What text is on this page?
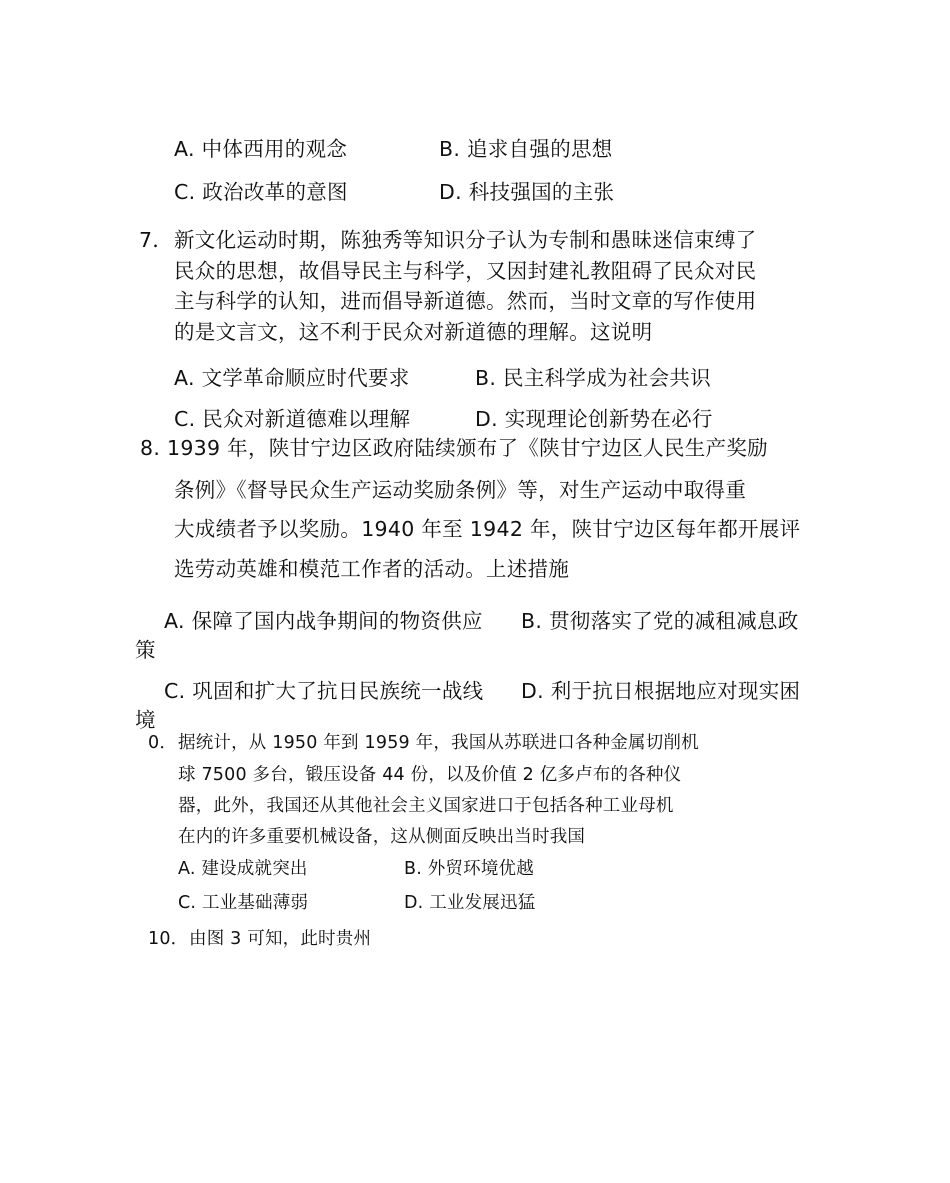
A. 中体西用的观念	B. 追求自强的思想
C. 政治改革的意图	D. 科技强国的主张
7． 新文化运动时期，陈独秀等知识分子认为专制和愚昧迷信束缚了
民众的思想，故倡导民主与科学，又因封建礼教阻碍了民众对民
主与科学的认知，进而倡导新道德。然而，当时文章的写作使用
的是文言文，这不利于民众对新道德的理解。这说明
A. 文学革命顺应时代要求	B. 民主科学成为社会共识
C. 民众对新道德难以理解	D. 实现理论创新势在必行
8. 1939 年，陕甘宁边区政府陆续颁布了《陕甘宁边区人民生产奖励
条例》《督导民众生产运动奖励条例》等，对生产运动中取得重
大成绩者予以奖励。1940 年至 1942 年，陕甘宁边区每年都开展评
选劳动英雄和模范工作者的活动。上述措施
A. 保障了国内战争期间的物资供应 B. 贯彻落实了党的减租减息政
策
C. 巩固和扩大了抗日民族统一战线 D. 利于抗日根据地应对现实困
境
0． 据统计，从 1950 年到 1959 年，我国从苏联进口各种金属切削机
球 7500 多台，锻压设备 44 份，以及价值 2 亿多卢布的各种仪
器，此外，我国还从其他社会主义国家进口于包括各种工业母机
在内的许多重要机械设备，这从侧面反映出当时我国
A. 建设成就突出	B. 外贸环境优越
C. 工业基础薄弱	D. 工业发展迅猛
10． 由图 3 可知，此时贵州
